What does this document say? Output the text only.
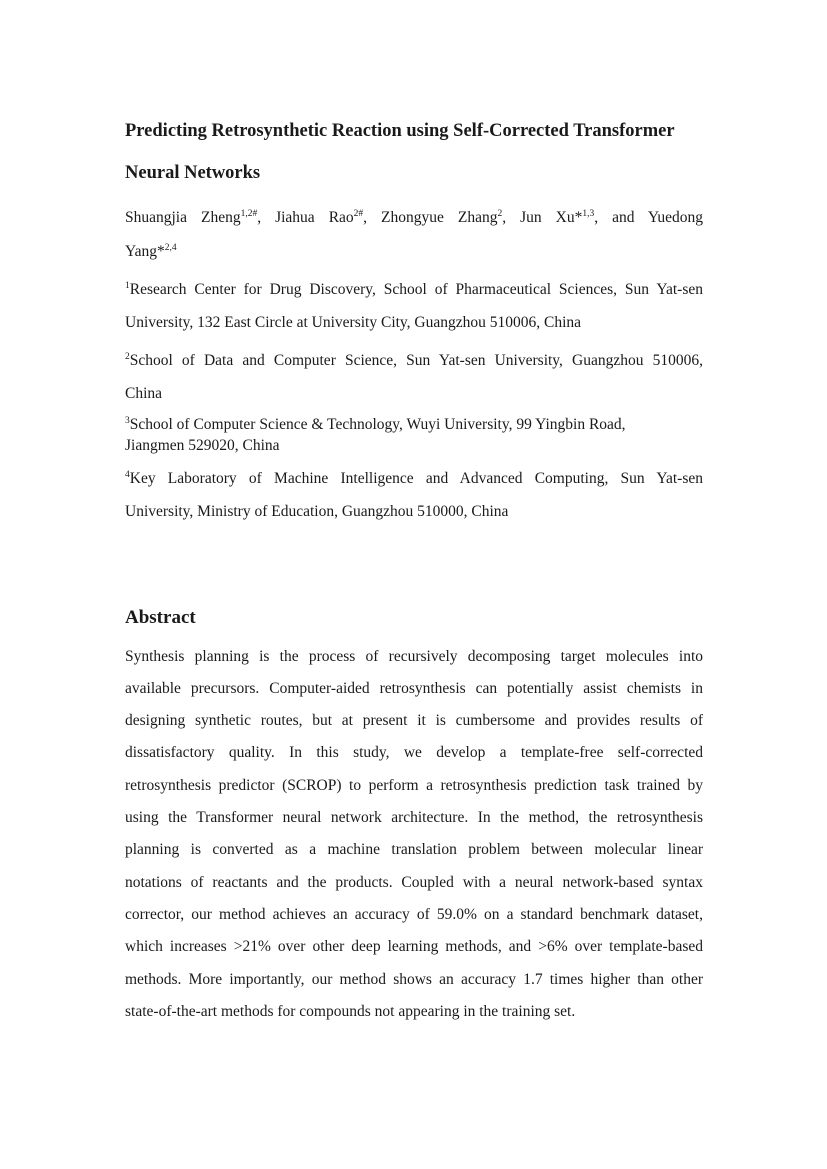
Predicting Retrosynthetic Reaction using Self-Corrected Transformer
Neural Networks
Shuangjia Zheng$^{1,2\#}$, Jiahua Rao$^{2\#}$, Zhongyue Zhang$^2$, Jun Xu*$^{1,3}$, and Yuedong
Yang*$^{2,4}$
$^1$Research Center for Drug Discovery, School of Pharmaceutical Sciences, Sun Yat-sen
University, 132 East Circle at University City, Guangzhou 510006, China
$^2$School of Data and Computer Science, Sun Yat-sen University, Guangzhou 510006,
China
$^3$School of Computer Science & Technology, Wuyi University, 99 Yingbin Road,
Jiangmen 529020, China
$^4$Key Laboratory of Machine Intelligence and Advanced Computing, Sun Yat-sen
University, Ministry of Education, Guangzhou 510000, China
Abstract
Synthesis planning is the process of recursively decomposing target molecules into
available precursors. Computer-aided retrosynthesis can potentially assist chemists in
designing synthetic routes, but at present it is cumbersome and provides results of
dissatisfactory quality. In this study, we develop a template-free self-corrected
retrosynthesis predictor (SCROP) to perform a retrosynthesis prediction task trained by
using the Transformer neural network architecture. In the method, the retrosynthesis
planning is converted as a machine translation problem between molecular linear
notations of reactants and the products. Coupled with a neural network-based syntax
corrector, our method achieves an accuracy of 59.0% on a standard benchmark dataset,
which increases >21% over other deep learning methods, and >6% over template-based
methods. More importantly, our method shows an accuracy 1.7 times higher than other
state-of-the-art methods for compounds not appearing in the training set.
